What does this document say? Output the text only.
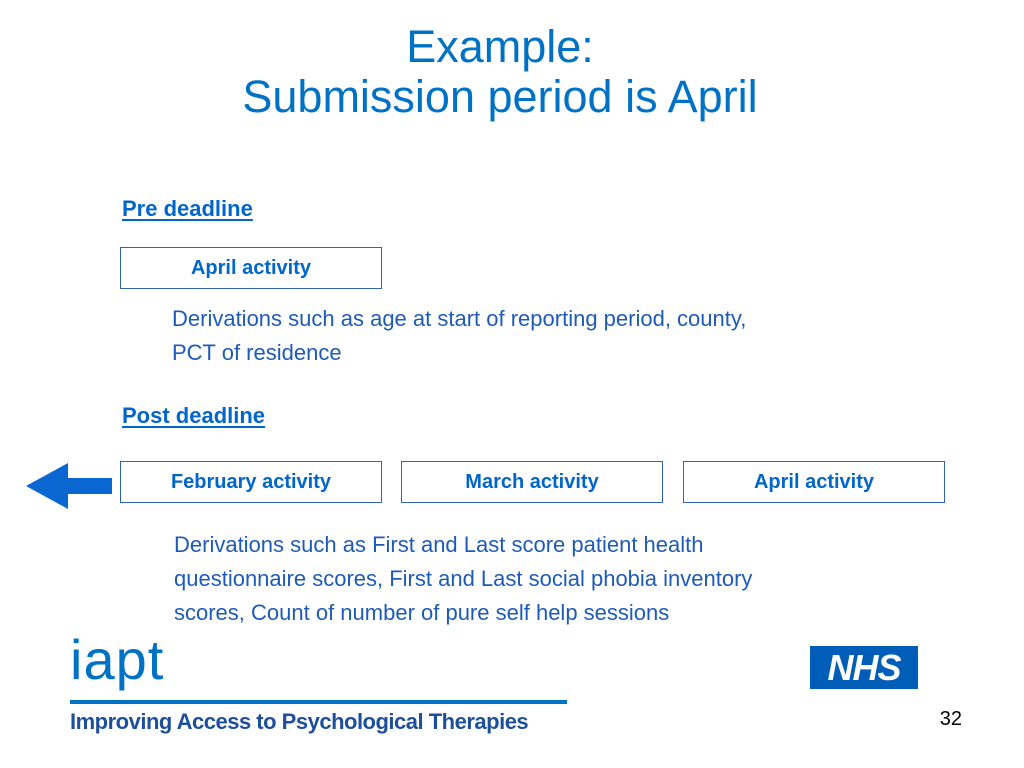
Example:
Submission period is April
Pre deadline
April activity

Derivations such as age at start of reporting period, county,
PCT of residence

Post deadline
February activity	March activity	April activity

Derivations such as First and Last score patient health
questionnaire scores, First and Last social phobia inventory
scores, Count of number of pure self help sessions

iapt
Improving Access to Psychological Therapies
NHS
32
